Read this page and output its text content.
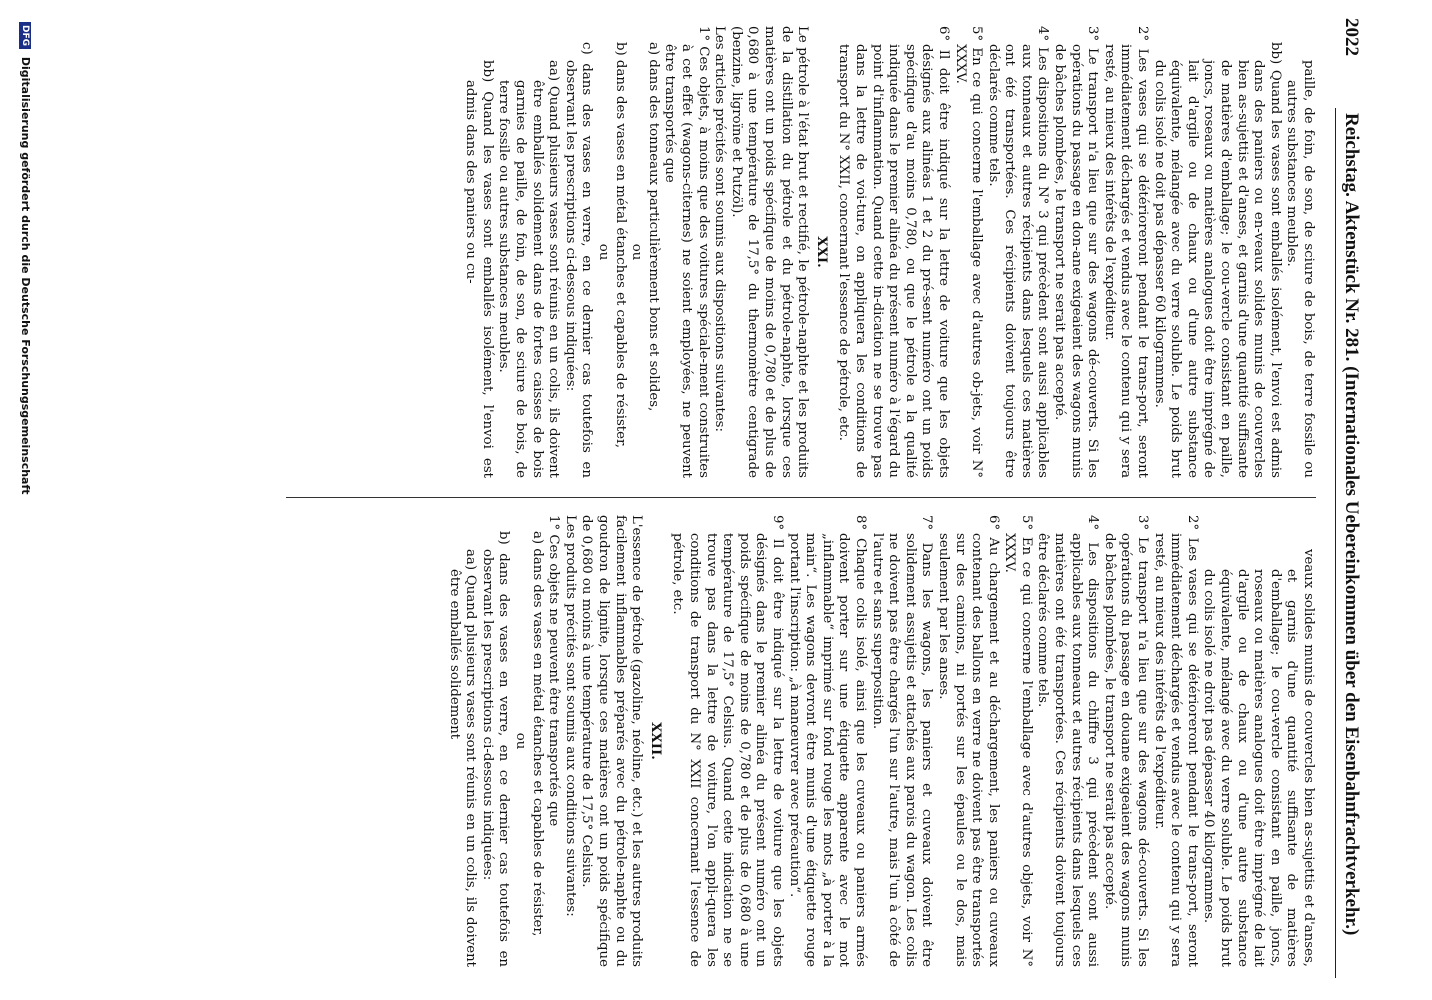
2022
Reichstag. Aktenstück Nr. 281. (Internationales Uebereinkommen über den Eisenbahnfrachtverkehr.)

paille, de foin, de son, de sciure de bois, de terre fossile ou autres substances meubles.

bb) Quand les vases sont emballés isolément, l'envoi est admis dans des paniers ou en-veaux solides munis de couvercles bien as-sujettis et d'anses, et garnis d'une quantité suffisante de matières d'emballage; le cou-vercle consistant en paille, joncs, roseaux ou matières analogues doit être imprégné de lait d'argile ou de chaux ou d'une autre substance équivalente, mélangée avec du verre soluble. Le poids brut du colis isolé ne doit pas dépasser 60 kilogrammes.

2° Les vases qui se détérioreront pendant le trans-port, seront immédiatement déchargés et vendus avec le contenu qui y sera resté, au mieux des intérêts de l'expéditeur.

3° Le transport n'a lieu que sur des wagons dé-couverts. Si les opérations du passage en don-ane exigeaient des wagons munis de bâches plombées, le transport ne serait pas accepté.

4° Les dispositions du N° 3 qui précèdent sont aussi applicables aux tonneaux et autres récipients dans lesquels ces matières ont été transportées. Ces récipients doivent toujours être déclarés comme tels.

5° En ce qui concerne l'emballage avec d'autres ob-jets, voir N° XXXV.

6° Il doit être indiqué sur la lettre de voiture que les objets désignés aux alinéas 1 et 2 du pré-sent numéro ont un poids spécifique d'au moins 0,780, ou que le pétrole a la qualité indiquée dans le premier alinéa du présent numéro à l'égard du point d'inflammation. Quand cette in-dication ne se trouve pas dans la lettre de voi-ture, on appliquera les conditions de transport du N° XXII, concernant l'essence de pétrole, etc.

XXI.

Le pétrole à l'état brut et rectifié, le pétrole-naphte et les produits de la distillation du pétrole et du pétrole-naphte, lorsque ces matières ont un poids spécifique de moins de 0,780 et de plus de 0,680 à une température de 17,5° du thermomètre centigrade (benzine, ligroïne et Putzöl).

Les articles précités sont soumis aux dispositions suivantes:

1° Ces objets, à moins que des voitures spéciale-ment construites à cet effet (wagons-citernes) ne soient employées, ne peuvent être transportés que

a) dans des tonneaux particulièrement bons et solides,

ou

b) dans des vases en métal étanches et capables de résister,

ou

c) dans des vases en verre, en ce dernier cas toutefois en observant les prescriptions ci-dessous indiquées:

aa) Quand plusieurs vases sont réunis en un colis, ils doivent être emballés solidement dans de fortes caisses de bois garnies de paille, de foin, de son, de sciure de bois, de terre fossile ou autres substances meubles.

bb) Quand les vases sont emballés isolément, l'envoi est admis dans des paniers ou cu-

veaux solides munis de couvercles bien as-sujettis et d'anses, et garnis d'une quantité suffisante de matières d'emballage; le cou-vercle consistant en paille, joncs, roseaux ou matières analogues doit être imprégné de lait d'argile ou de chaux ou d'une autre substance équivalente, mélangé avec du verre soluble. Le poids brut du colis isolé ne droit pas dépasser 40 kilogrammes.

2° Les vases qui se détérioreront pendant le trans-port, seront immédiatement déchargés et vendus avec le contenu qui y sera resté, au mieux des intérêts de l'expéditeur.

3° Le transport n'a lieu que sur des wagons dé-couverts. Si les opérations du passage en douane exigeaient des wagons munis de bâches plombées, le transport ne serait pas accepté.

4° Les dispositions du chiffre 3 qui précèdent sont aussi applicables aux tonneaux et autres récipients dans lesquels ces matières ont été transportées. Ces récipients doivent toujours être déclarés comme tels.

5° En ce qui concerne l'emballage avec d'autres objets, voir N° XXXV.

6° Au chargement et au déchargement, les paniers ou cuveaux contenant des ballons en verre ne doivent pas être transportés sur des camions, ni portés sur les épaules ou le dos, mais seulement par les anses.

7° Dans les wagons, les paniers et cuveaux doivent être solidement assujetis et attachés aux parois du wagon. Les colis ne doivent pas être chargés l'un sur l'autre, mais l'un à côté de l'autre et sans superposition.

8° Chaque colis isolé, ainsi que les cuveaux ou paniers armés doivent porter sur une étiquette apparente avec le mot „inflammable“ imprimé sur fond rouge les mots „à porter à la main“. Les wagons devront être munis d'une étiquette rouge portant l'inscription: „à manœuvrer avec précaution“.

9° Il doit être indiqué sur la lettre de voiture que les objets désignés dans le premier alinéa du présent numéro ont un poids spécifique de moins de 0,780 et de plus de 0,680 à une température de 17,5° Celsius. Quand cette indication ne se trouve pas dans la lettre de voiture, l'on appli-quera les conditions de transport du N° XXII concernant l'essence de pétrole, etc.

XXII.

L'essence de pétrole (gazoline, néoline, etc.) et les autres produits facilement inflammables préparés avec du pétrole-naphte ou du goudron de lignite, lorsque ces matières ont un poids spécifique de 0,680 ou moins à une température de 17,5° Celsius.

Les produits précités sont soumis aux conditions suivantes:

1° Ces objets ne peuvent être transportés que

a) dans des vases en métal étanches et capables de résister,

ou

b) dans des vases en verre, en ce dernier cas toutefois en observant les prescriptions ci-dessous indiquées:

aa) Quand plusieurs vases sont réunis en un colis, ils doivent être emballés solidement

DFG Digitalisierung gefördert durch die Deutsche Forschungsgemeinschaft
